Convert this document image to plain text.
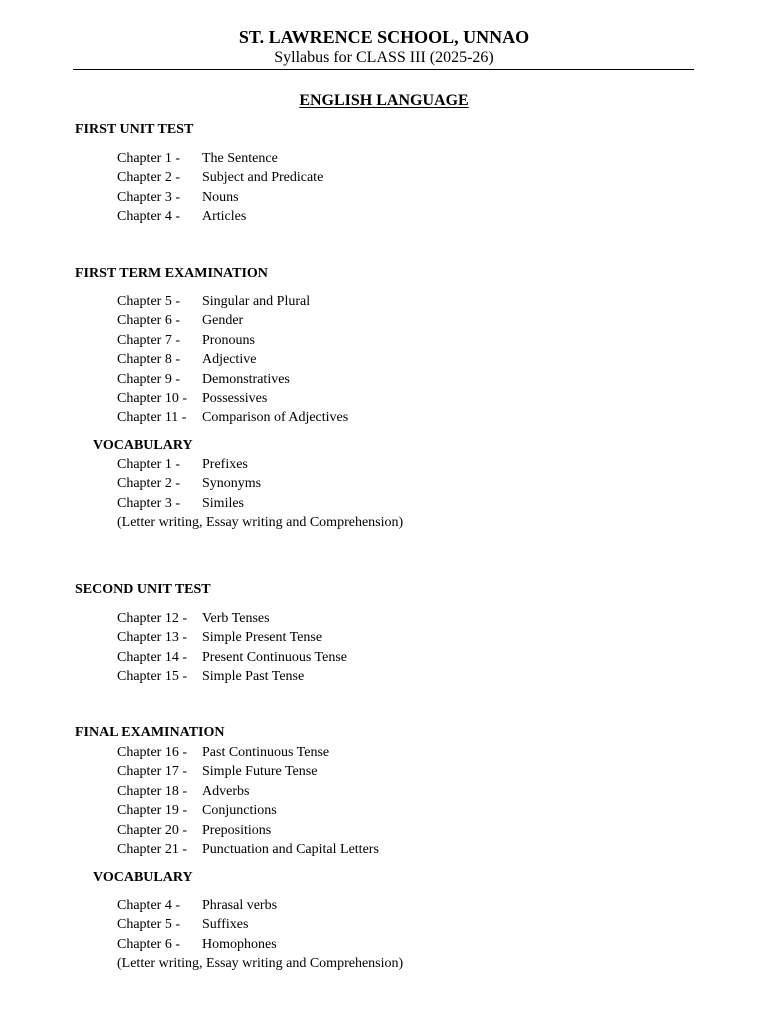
ST. LAWRENCE SCHOOL, UNNAO
Syllabus for CLASS III (2025-26)
ENGLISH LANGUAGE
FIRST UNIT TEST
Chapter 1 - The Sentence
Chapter 2 - Subject and Predicate
Chapter 3 - Nouns
Chapter 4 - Articles
FIRST TERM EXAMINATION
Chapter 5 - Singular and Plural
Chapter 6 - Gender
Chapter 7 - Pronouns
Chapter 8 - Adjective
Chapter 9 - Demonstratives
Chapter 10 - Possessives
Chapter 11 - Comparison of Adjectives
VOCABULARY
Chapter 1 - Prefixes
Chapter 2 - Synonyms
Chapter 3 - Similes
(Letter writing, Essay writing and Comprehension)
SECOND UNIT TEST
Chapter 12 - Verb Tenses
Chapter 13 - Simple Present Tense
Chapter 14 - Present Continuous Tense
Chapter 15 - Simple Past Tense
FINAL EXAMINATION
Chapter 16 - Past Continuous Tense
Chapter 17 - Simple Future Tense
Chapter 18 - Adverbs
Chapter 19 - Conjunctions
Chapter 20 - Prepositions
Chapter 21 - Punctuation and Capital Letters
VOCABULARY
Chapter 4 - Phrasal verbs
Chapter 5 - Suffixes
Chapter 6 - Homophones
(Letter writing, Essay writing and Comprehension)
